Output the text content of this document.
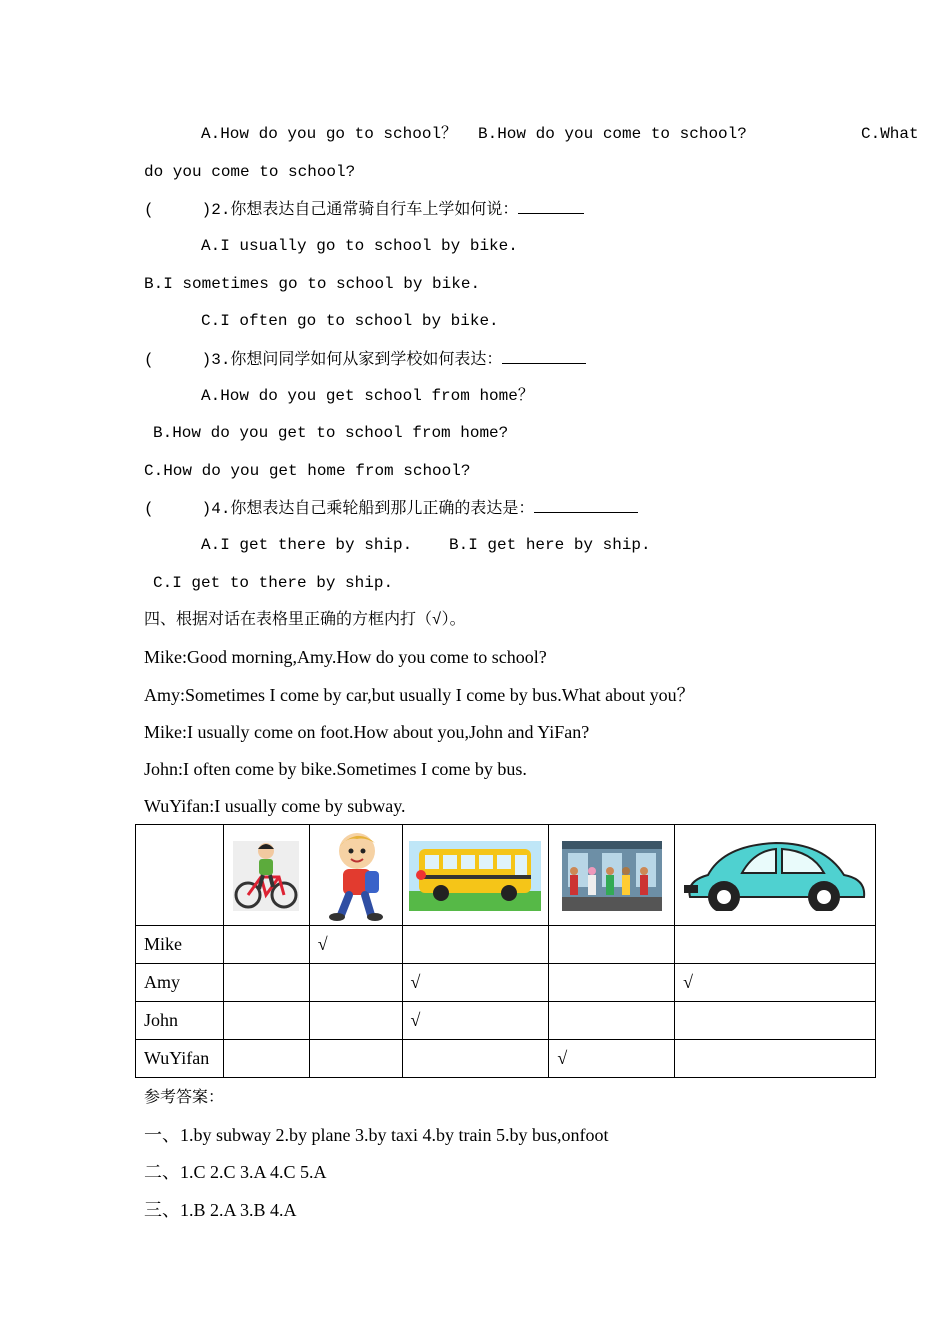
A.How do you go to school？ B.How do you come to school?	C.What
do you come to school?
(     )2.你想表达自己通常骑自行车上学如何说：
A.I usually go to school by bike.
B.I sometimes go to school by bike.
C.I often go to school by bike.
(     )3.你想问同学如何从家到学校如何表达：
A.How do you get school from home？
B.How do you get to school from home?
C.How do you get home from school?
(     )4.你想表达自己乘轮船到那儿正确的表达是：
A.I get there by ship. B.I get here by ship.
C.I get to there by ship.
四、根据对话在表格里正确的方框内打（√）。
Mike:Good morning,Amy.How do you come to school?
Amy:Sometimes I come by car,but usually I come by bus.What about you？
Mike:I usually come on foot.How about you,John and YiFan?
John:I often come by bike.Sometimes I come by bus.
WuYifan:I usually come by subway.

Mike		√			
Amy			√		√
John			√		
WuYifan				√	
参考答案：
一、1.by subway 2.by plane 3.by taxi 4.by train 5.by bus,onfoot
二、1.C 2.C 3.A 4.C 5.A
三、1.B 2.A 3.B 4.A
